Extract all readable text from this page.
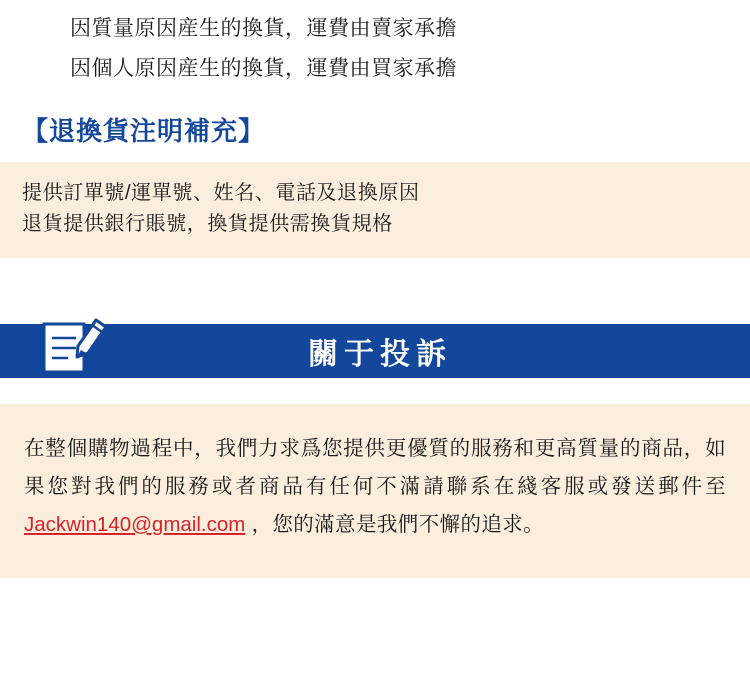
因質量原因産生的換貨，運費由賣家承擔
因個人原因産生的換貨，運費由買家承擔
【退換貨注明補充】
提供訂單號/運單號、姓名、電話及退換原因
退貨提供銀行賬號，換貨提供需換貨規格
關于投訴
在整個購物過程中，我們力求爲您提供更優質的服務和更高質量的商品，如果您對我們的服務或者商品有任何不滿請聯系在綫客服或發送郵件至 Jackwin140@gmail.com ，您的滿意是我們不懈的追求。
